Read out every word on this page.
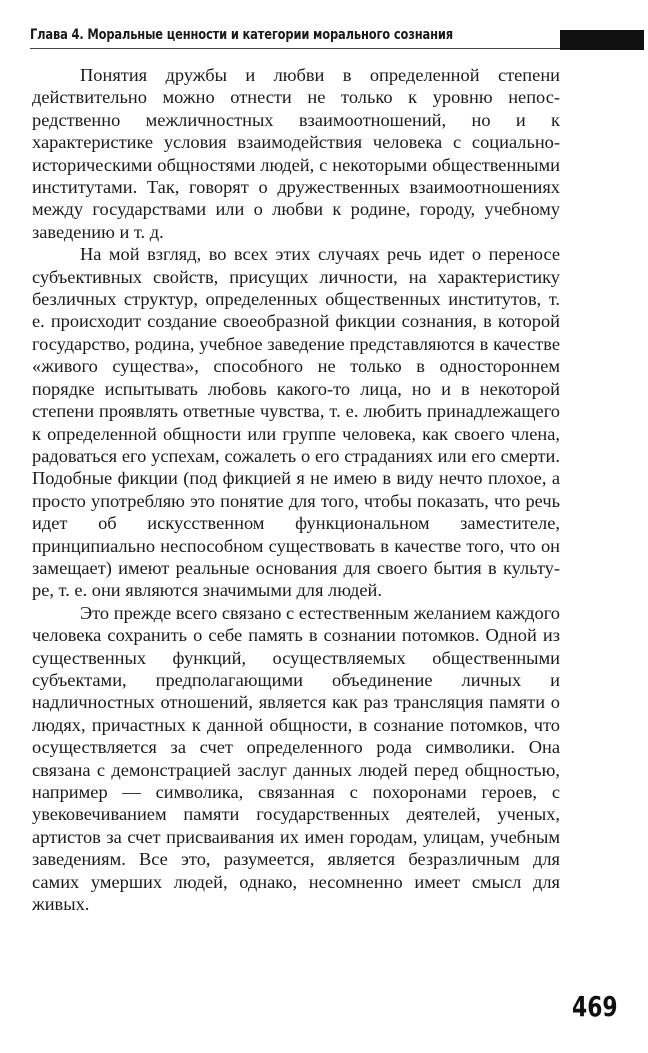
Глава 4. Моральные ценности и категории морального сознания

Понятия дружбы и любви в определенной степени действительно можно отнести не только к уровню непосредственно межличностных взаимоотношений, но и к характеристике условия взаимодействия человека с социально-историческими общностями людей, с некоторыми общественными институтами. Так, говорят о дружественных взаимоотношениях между государствами или о любви к родине, городу, учебному заведению и т. д.

На мой взгляд, во всех этих случаях речь идет о переносе субъективных свойств, присущих личности, на характеристику безличных структур, определенных общественных институтов, т. е. происходит создание своеобразной фикции сознания, в которой государство, родина, учебное заведение представляются в качестве «живого существа», способного не только в одностороннем порядке испытывать любовь какого-то лица, но и в некоторой степени проявлять ответные чувства, т. е. любить принадлежащего к определенной общности или группе человека, как своего члена, радоваться его успехам, сожалеть о его страданиях или его смерти. Подобные фикции (под фикцией я не имею в виду нечто плохое, а просто употребляю это понятие для того, чтобы показать, что речь идет об искусственном функциональном заместителе, принципиально неспособном существовать в качестве того, что он замещает) имеют реальные основания для своего бытия в культуре, т. е. они являются значимыми для людей.

Это прежде всего связано с естественным желанием каждого человека сохранить о себе память в сознании потомков. Одной из существенных функций, осуществляемых общественными субъектами, предполагающими объединение личных и надличностных отношений, является как раз трансляция памяти о людях, причастных к данной общности, в сознание потомков, что осуществляется за счет определенного рода символики. Она связана с демонстрацией заслуг данных людей перед общностью, например — символика, связанная с похоронами героев, с увековечиванием памяти государственных деятелей, ученых, артистов за счет присваивания их имен городам, улицам, учебным заведениям. Все это, разумеется, является безразличным для самих умерших людей, однако, несомненно имеет смысл для живых.

469
